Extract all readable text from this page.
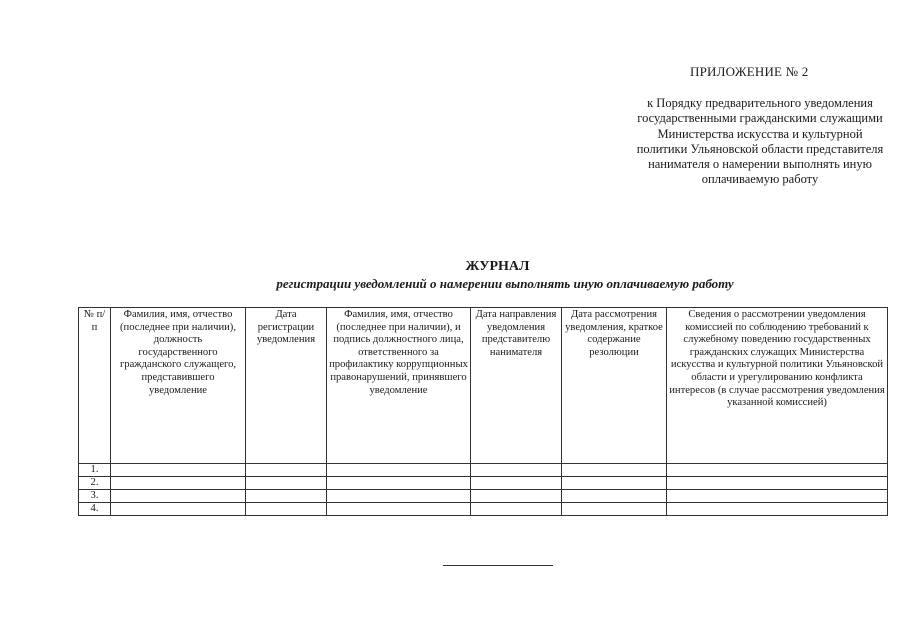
ПРИЛОЖЕНИЕ № 2
к Порядку предварительного уведомления государственными гражданскими служащими Министерства искусства и культурной политики Ульяновской области представителя нанимателя о намерении выполнять иную оплачиваемую работу
ЖУРНАЛ
регистрации уведомлений о намерении выполнять иную оплачиваемую работу
№ п/п	Фамилия, имя, отчество (последнее при наличии), должность государственного гражданского служащего, представившего уведомление	Дата регистрации уведомления	Фамилия, имя, отчество (последнее при наличии), и подпись должностного лица, ответственного за профилактику коррупционных правонарушений, принявшего уведомление	Дата направления уведомления представителю нанимателя	Дата рассмотрения уведомления, краткое содержание резолюции	Сведения о рассмотрении уведомления комиссией по соблюдению требований к служебному поведению государственных гражданских служащих Министерства искусства и культурной политики Ульяновской области и урегулированию конфликта интересов (в случае рассмотрения уведомления указанной комиссией)
1.						
2.						
3.						
4.						
